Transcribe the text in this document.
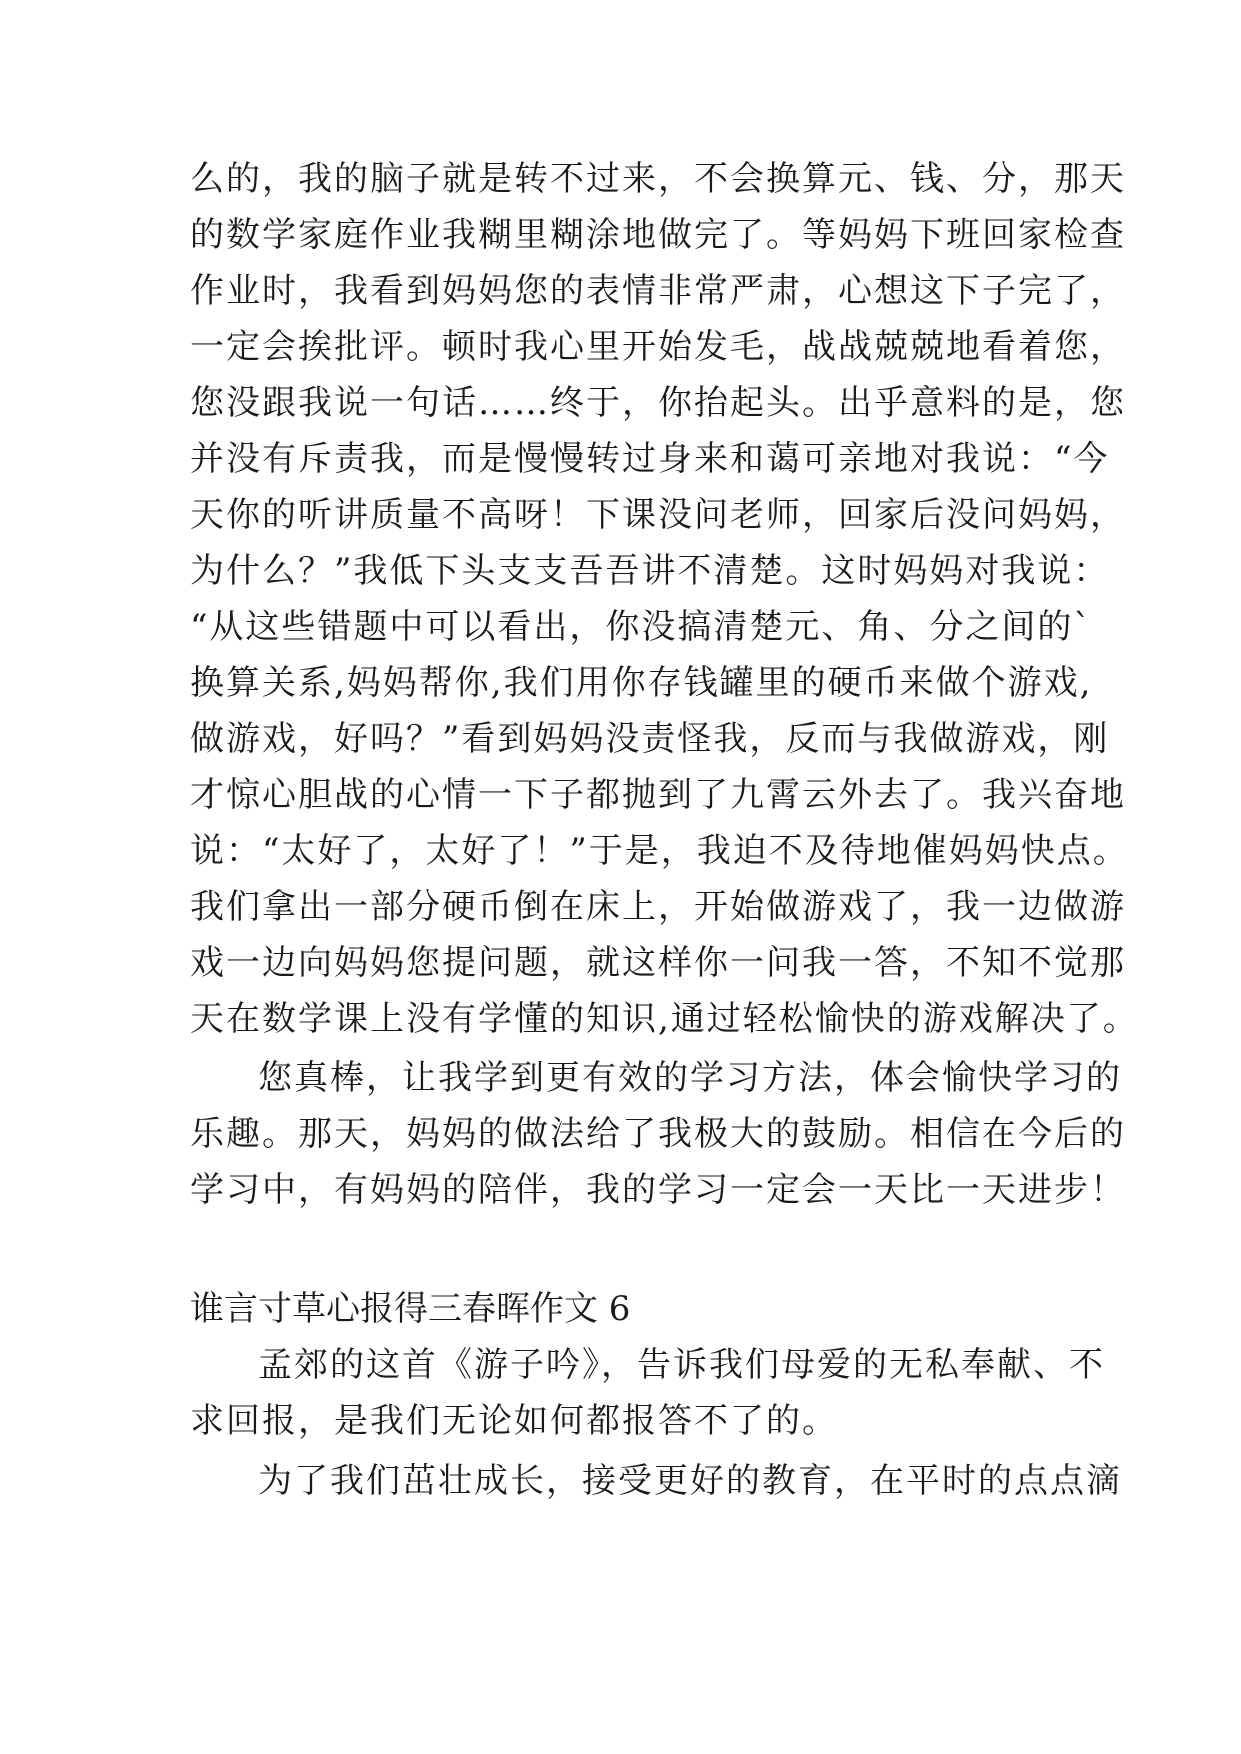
么的，我的脑子就是转不过来，不会换算元、钱、分，那天
的数学家庭作业我糊里糊涂地做完了。等妈妈下班回家检查
作业时，我看到妈妈您的表情非常严肃，心想这下子完了，
一定会挨批评。顿时我心里开始发毛，战战兢兢地看着您，
您没跟我说一句话……终于，你抬起头。出乎意料的是，您
并没有斥责我，而是慢慢转过身来和蔼可亲地对我说：“今
天你的听讲质量不高呀！下课没问老师，回家后没问妈妈，
为什么？”我低下头支支吾吾讲不清楚。这时妈妈对我说：
“从这些错题中可以看出，你没搞清楚元、角、分之间的`
换算关系,妈妈帮你,我们用你存钱罐里的硬币来做个游戏,
做游戏，好吗？”看到妈妈没责怪我，反而与我做游戏，刚
才惊心胆战的心情一下子都抛到了九霄云外去了。我兴奋地
说：“太好了，太好了！”于是，我迫不及待地催妈妈快点。
我们拿出一部分硬币倒在床上，开始做游戏了，我一边做游
戏一边向妈妈您提问题，就这样你一问我一答，不知不觉那
天在数学课上没有学懂的知识,通过轻松愉快的游戏解决了。
您真棒，让我学到更有效的学习方法，体会愉快学习的
乐趣。那天，妈妈的做法给了我极大的鼓励。相信在今后的
学习中，有妈妈的陪伴，我的学习一定会一天比一天进步！
谁言寸草心报得三春晖作文 6
孟郊的这首《游子吟》，告诉我们母爱的无私奉献、不
求回报，是我们无论如何都报答不了的。
为了我们茁壮成长，接受更好的教育，在平时的点点滴
